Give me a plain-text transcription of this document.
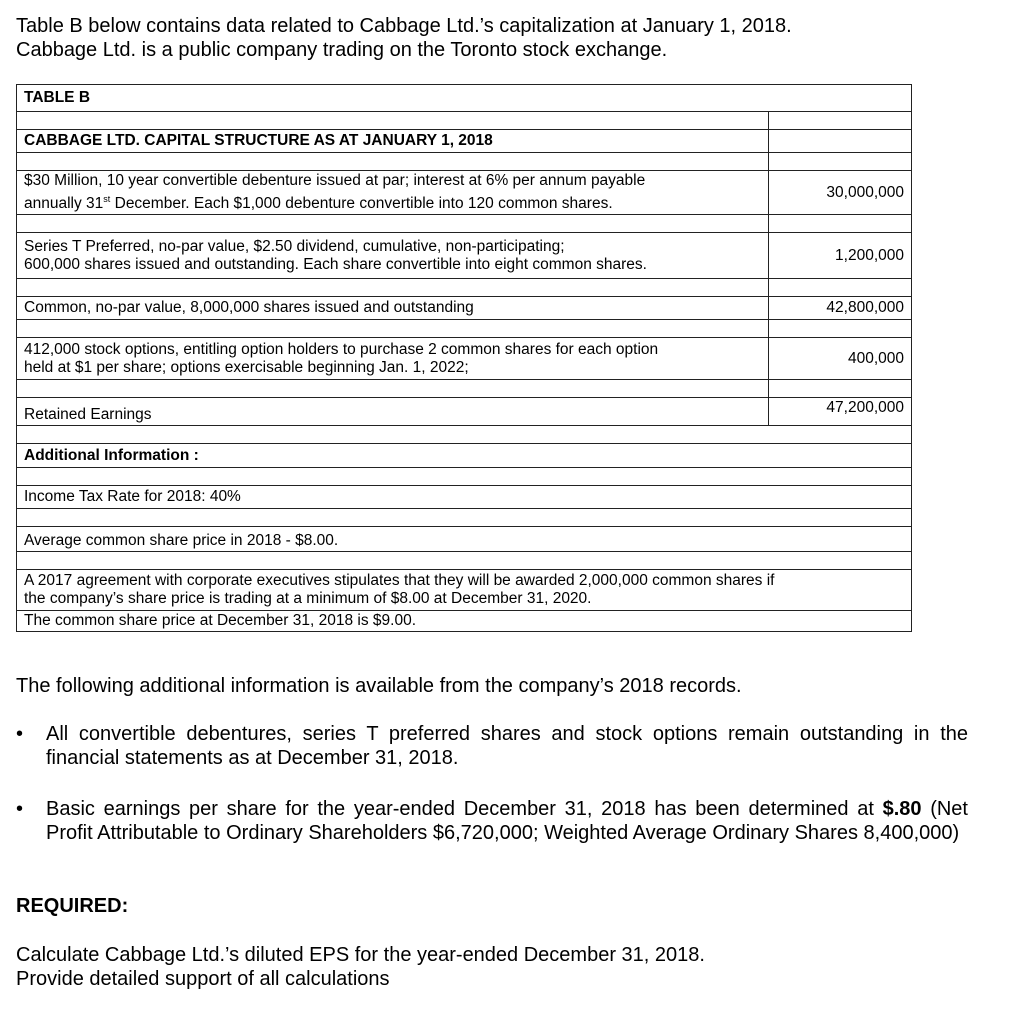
Table B below contains data related to Cabbage Ltd.’s capitalization at January 1, 2018.
Cabbage Ltd. is a public company trading on the Toronto stock exchange.
TABLE B	

CABBAGE LTD. CAPITAL STRUCTURE AS AT JANUARY 1, 2018	

$30 Million, 10 year convertible debenture issued at par; interest at 6% per annum payable
annually 31st December. Each $1,000 debenture convertible into 120 common shares.	30,000,000

Series T Preferred, no-par value, $2.50 dividend, cumulative, non-participating;
600,000 shares issued and outstanding. Each share convertible into eight common shares.	1,200,000

Common, no-par value, 8,000,000 shares issued and outstanding	42,800,000

412,000 stock options, entitling option holders to purchase 2 common shares for each option
held at $1 per share; options exercisable beginning Jan. 1, 2022;	400,000

Retained Earnings	47,200,000

Additional Information :	

Income Tax Rate for 2018: 40%	

Average common share price in 2018 - $8.00.	

A 2017 agreement with corporate executives stipulates that they will be awarded 2,000,000 common shares if
the company’s share price is trading at a minimum of $8.00 at December 31, 2020.	

The common share price at December 31, 2018 is $9.00.	
The following additional information is available from the company’s 2018 records.
•	All convertible debentures, series T preferred shares and stock options remain outstanding in the financial statements as at December 31, 2018.
•	Basic earnings per share for the year-ended December 31, 2018 has been determined at $.80 (Net Profit Attributable to Ordinary Shareholders $6,720,000; Weighted Average Ordinary Shares 8,400,000)
REQUIRED:
Calculate Cabbage Ltd.’s diluted EPS for the year-ended December 31, 2018.
Provide detailed support of all calculations
